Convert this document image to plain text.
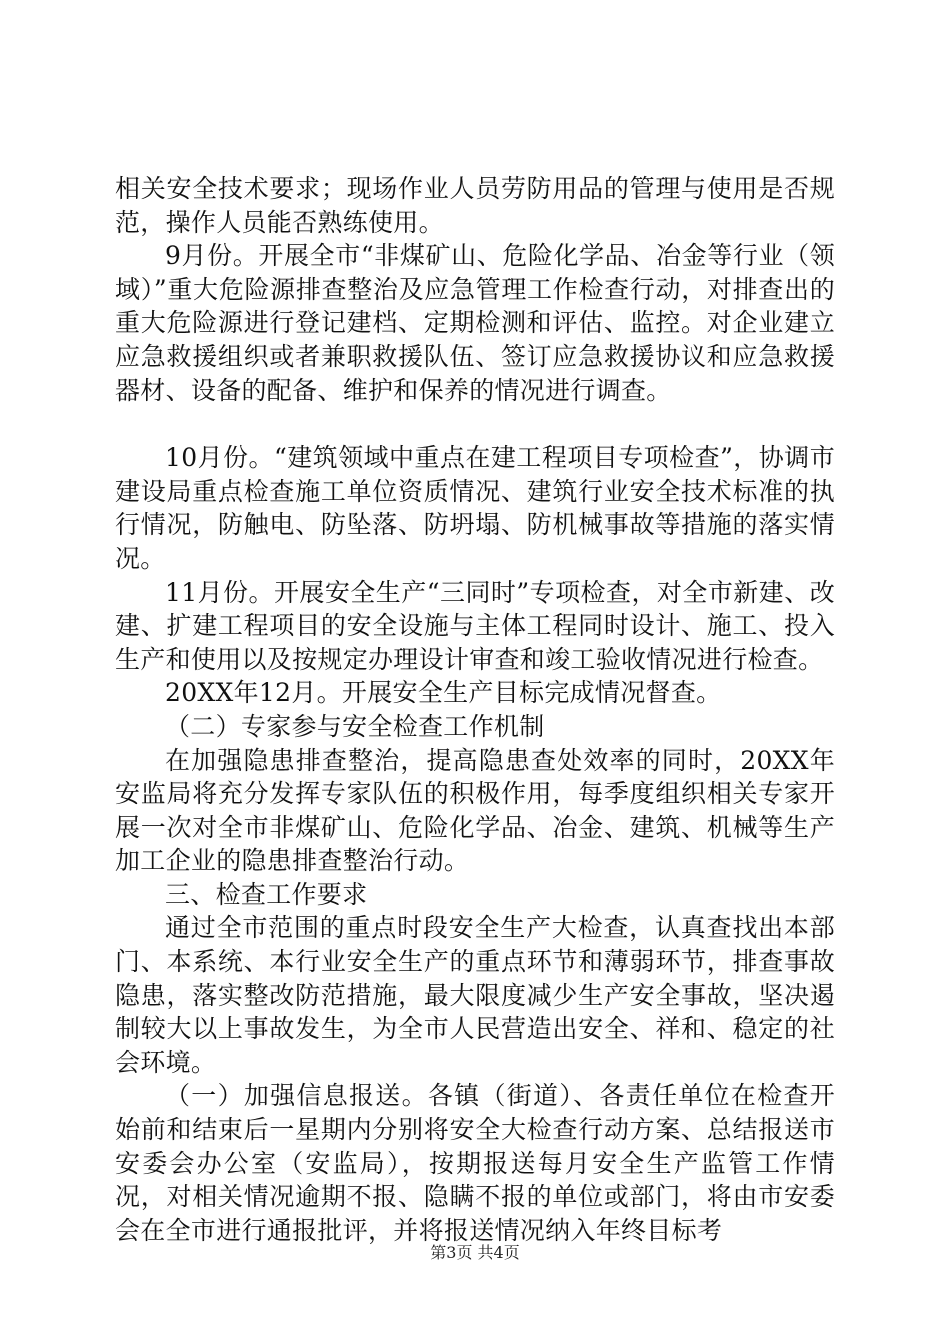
相关安全技术要求；现场作业人员劳防用品的管理与使用是否规范，操作人员能否熟练使用。

9月份。开展全市“非煤矿山、危险化学品、冶金等行业（领域）”重大危险源排查整治及应急管理工作检查行动，对排查出的重大危险源进行登记建档、定期检测和评估、监控。对企业建立应急救援组织或者兼职救援队伍、签订应急救援协议和应急救援器材、设备的配备、维护和保养的情况进行调查。

10月份。“建筑领域中重点在建工程项目专项检查”，协调市建设局重点检查施工单位资质情况、建筑行业安全技术标准的执行情况，防触电、防坠落、防坍塌、防机械事故等措施的落实情况。

11月份。开展安全生产“三同时”专项检查，对全市新建、改建、扩建工程项目的安全设施与主体工程同时设计、施工、投入生产和使用以及按规定办理设计审查和竣工验收情况进行检查。

20XX年12月。开展安全生产目标完成情况督查。

（二）专家参与安全检查工作机制

在加强隐患排查整治，提高隐患查处效率的同时，20XX年安监局将充分发挥专家队伍的积极作用，每季度组织相关专家开展一次对全市非煤矿山、危险化学品、冶金、建筑、机械等生产加工企业的隐患排查整治行动。

三、检查工作要求

通过全市范围的重点时段安全生产大检查，认真查找出本部门、本系统、本行业安全生产的重点环节和薄弱环节，排查事故隐患，落实整改防范措施，最大限度减少生产安全事故，坚决遏制较大以上事故发生，为全市人民营造出安全、祥和、稳定的社会环境。

（一）加强信息报送。各镇（街道）、各责任单位在检查开始前和结束后一星期内分别将安全大检查行动方案、总结报送市安委会办公室（安监局），按期报送每月安全生产监管工作情况，对相关情况逾期不报、隐瞒不报的单位或部门，将由市安委会在全市进行通报批评，并将报送情况纳入年终目标考

第3页 共4页
